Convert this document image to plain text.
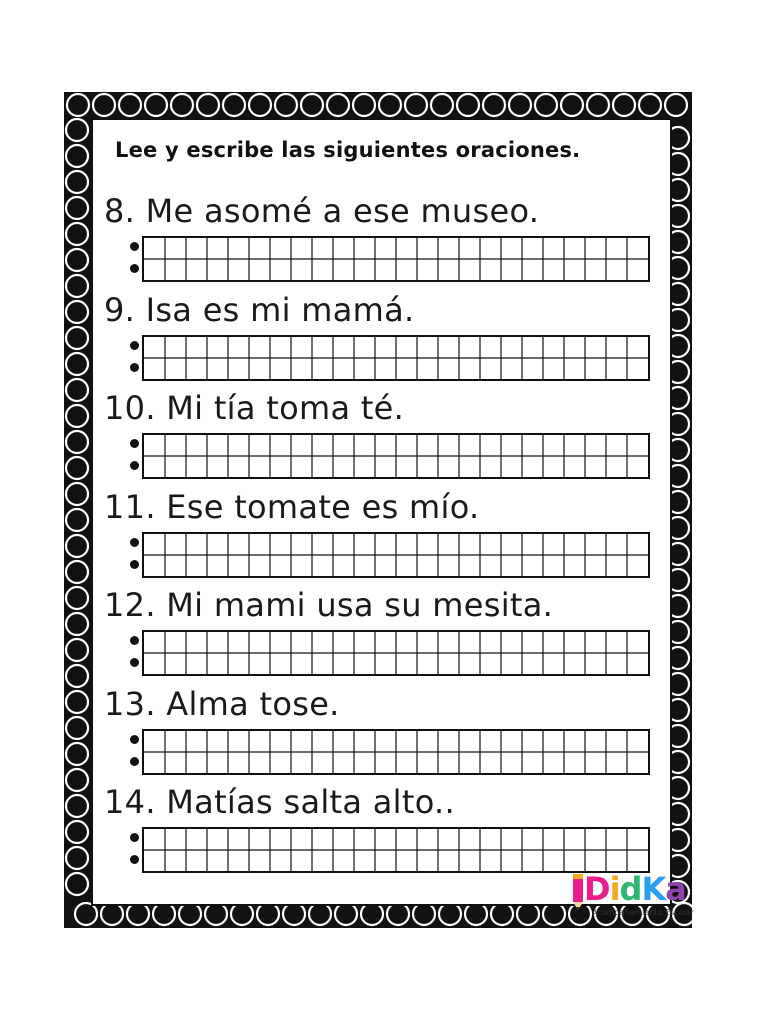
Lee y escribe las siguientes oraciones.
8. Me asomé a ese museo.
9. Isa es mi mamá.
10. Mi tía toma té.
11. Ese tomate es mío.
12. Mi mami usa su mesita.
13. Alma tose.
14. Matías salta alto..
DidKa
Acompañamiento Escolar
